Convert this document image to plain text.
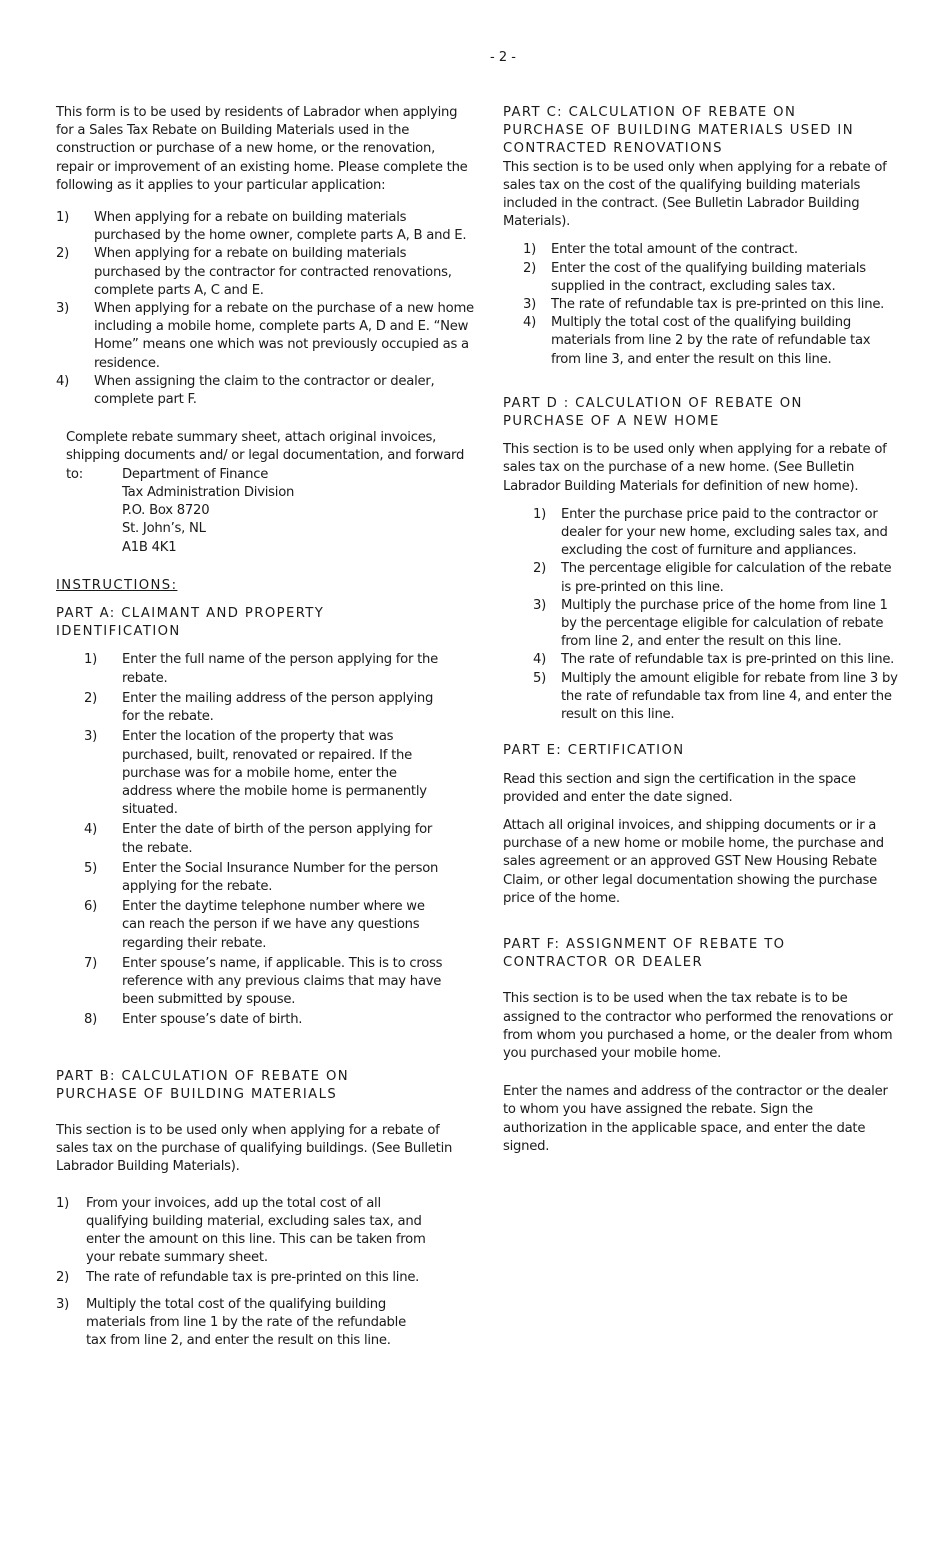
- 2 -

This form is to be used by residents of Labrador when applying for a Sales Tax Rebate on Building Materials used in the construction or purchase of a new home, or the renovation, repair or improvement of an existing home. Please complete the following as it applies to your particular application:

1) When applying for a rebate on building materials purchased by the home owner, complete parts A, B and E.
2) When applying for a rebate on building materials purchased by the contractor for contracted renovations, complete parts A, C and E.
3) When applying for a rebate on the purchase of a new home including a mobile home, complete parts A, D and E. “New Home” means one which was not previously occupied as a residence.
4) When assigning the claim to the contractor or dealer, complete part F.

Complete rebate summary sheet, attach original invoices, shipping documents and/ or legal documentation, and forward to:	Department of Finance
Tax Administration Division
P.O. Box 8720
St. John’s, NL
A1B 4K1

INSTRUCTIONS:

PART A: CLAIMANT AND PROPERTY IDENTIFICATION

1) Enter the full name of the person applying for the rebate.
2) Enter the mailing address of the person applying for the rebate.
3) Enter the location of the property that was purchased, built, renovated or repaired. If the purchase was for a mobile home, enter the address where the mobile home is permanently situated.
4) Enter the date of birth of the person applying for the rebate.
5) Enter the Social Insurance Number for the person applying for the rebate.
6) Enter the daytime telephone number where we can reach the person if we have any questions regarding their rebate.
7) Enter spouse’s name, if applicable. This is to cross reference with any previous claims that may have been submitted by spouse.
8) Enter spouse’s date of birth.

PART B: CALCULATION OF REBATE ON PURCHASE OF BUILDING MATERIALS

This section is to be used only when applying for a rebate of sales tax on the purchase of qualifying buildings. (See Bulletin Labrador Building Materials).

1) From your invoices, add up the total cost of all qualifying building material, excluding sales tax, and enter the amount on this line. This can be taken from your rebate summary sheet.
2) The rate of refundable tax is pre-printed on this line.
3) Multiply the total cost of the qualifying building materials from line 1 by the rate of the refundable tax from line 2, and enter the result on this line.

PART C: CALCULATION OF REBATE ON PURCHASE OF BUILDING MATERIALS USED IN CONTRACTED RENOVATIONS

This section is to be used only when applying for a rebate of sales tax on the cost of the qualifying building materials included in the contract. (See Bulletin Labrador Building Materials).

1) Enter the total amount of the contract.
2) Enter the cost of the qualifying building materials supplied in the contract, excluding sales tax.
3) The rate of refundable tax is pre-printed on this line.
4) Multiply the total cost of the qualifying building materials from line 2 by the rate of refundable tax from line 3, and enter the result on this line.

PART D : CALCULATION OF REBATE ON PURCHASE OF A NEW HOME

This section is to be used only when applying for a rebate of sales tax on the purchase of a new home. (See Bulletin Labrador Building Materials for definition of new home).

1) Enter the purchase price paid to the contractor or dealer for your new home, excluding sales tax, and excluding the cost of furniture and appliances.
2) The percentage eligible for calculation of the rebate is pre-printed on this line.
3) Multiply the purchase price of the home from line 1 by the percentage eligible for calculation of rebate from line 2, and enter the result on this line.
4) The rate of refundable tax is pre-printed on this line.
5) Multiply the amount eligible for rebate from line 3 by the rate of refundable tax from line 4, and enter the result on this line.

PART E: CERTIFICATION

Read this section and sign the certification in the space provided and enter the date signed.

Attach all original invoices, and shipping documents or ir a purchase of a new home or mobile home, the purchase and sales agreement or an approved GST New Housing Rebate Claim, or other legal documentation showing the purchase price of the home.

PART F: ASSIGNMENT OF REBATE TO CONTRACTOR OR DEALER

This section is to be used when the tax rebate is to be assigned to the contractor who performed the renovations or from whom you purchased a home, or the dealer from whom you purchased your mobile home.

Enter the names and address of the contractor or the dealer to whom you have assigned the rebate. Sign the authorization in the applicable space, and enter the date signed.
